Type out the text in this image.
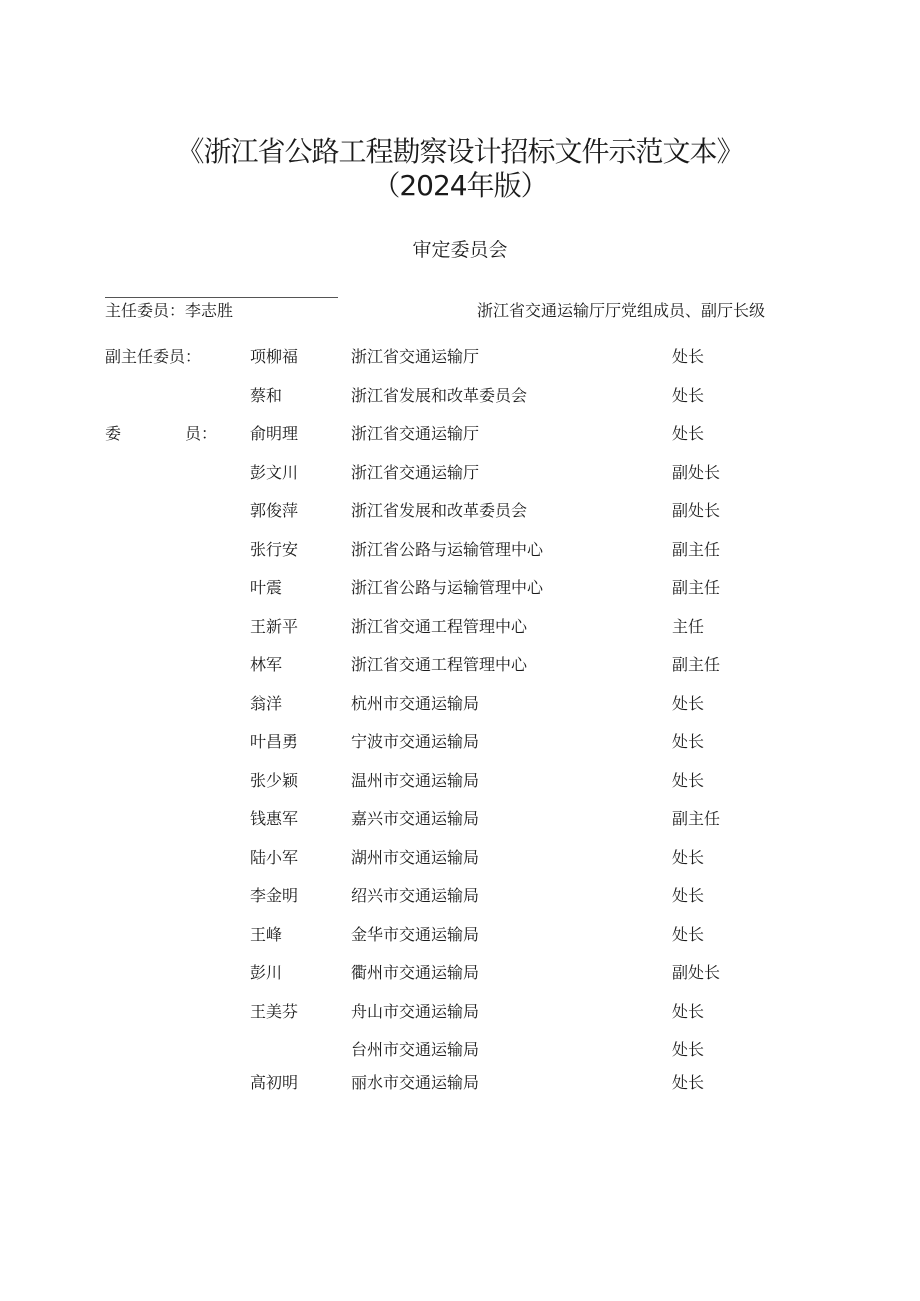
《浙江省公路工程勘察设计招标文件示范文本》
（2024年版）
审定委员会
主任委员：李志胜	浙江省交通运输厅厅党组成员、副厅长级
副主任委员：	项柳福	浙江省交通运输厅	处长
蔡和	浙江省发展和改革委员会	处长
委　　　　员： 俞明理	浙江省交通运输厅	处长
彭文川	浙江省交通运输厅	副处长
郭俊萍	浙江省发展和改革委员会	副处长
张行安	浙江省公路与运输管理中心	副主任
叶震	浙江省公路与运输管理中心	副主任
王新平	浙江省交通工程管理中心	主任
林军	浙江省交通工程管理中心	副主任
翁洋	杭州市交通运输局	处长
叶昌勇	宁波市交通运输局	处长
张少颖	温州市交通运输局	处长
钱惠军	嘉兴市交通运输局	副主任
陆小军	湖州市交通运输局	处长
李金明	绍兴市交通运输局	处长
王峰	金华市交通运输局	处长
彭川	衢州市交通运输局	副处长
王美芬	舟山市交通运输局	处长
台州市交通运输局	处长
高初明	丽水市交通运输局	处长
